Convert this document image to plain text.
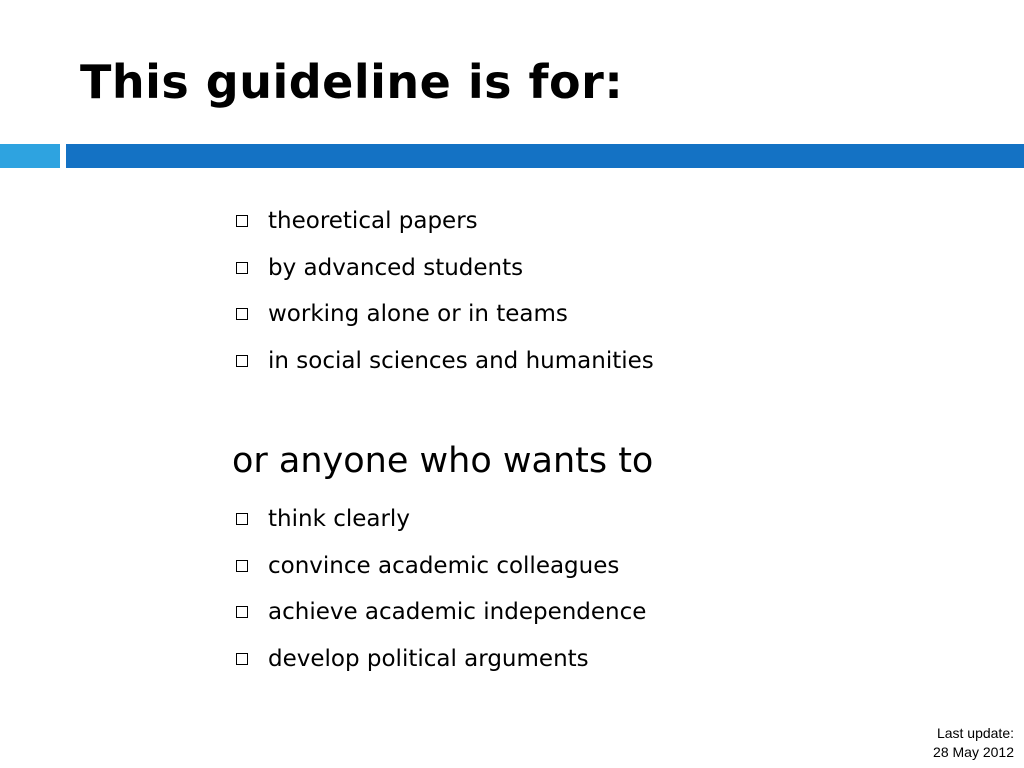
This guideline is for:
theoretical papers
by advanced students
working alone or in teams
in social sciences and humanities
or anyone who wants to
think clearly
convince academic colleagues
achieve academic independence
develop political arguments
Last update:
28 May 2012
